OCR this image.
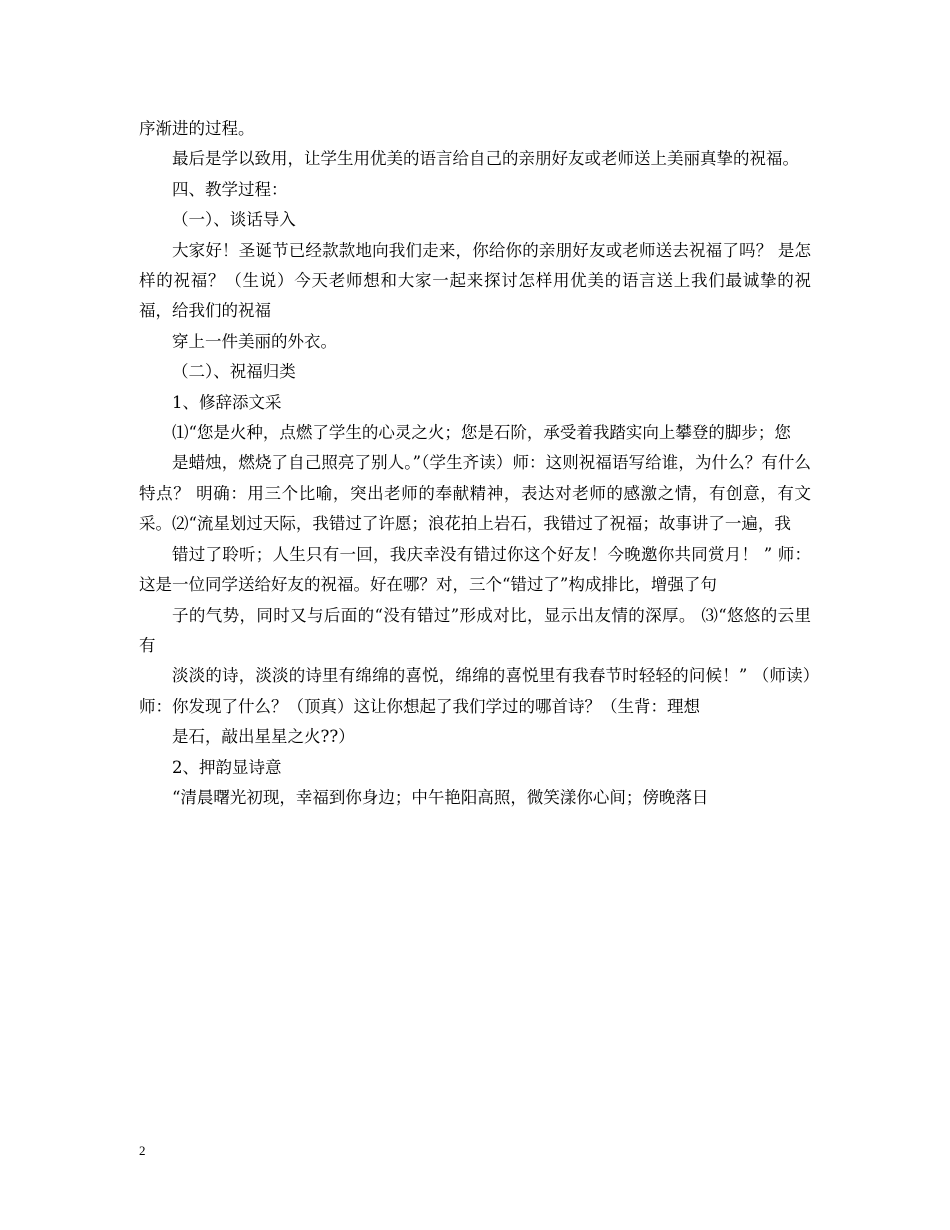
序渐进的过程。

最后是学以致用，让学生用优美的语言给自己的亲朋好友或老师送上美丽真挚的祝福。

四、教学过程：

（一）、谈话导入

大家好！圣诞节已经款款地向我们走来，你给你的亲朋好友或老师送去祝福了吗？ 是怎样的祝福？（生说）今天老师想和大家一起来探讨怎样用优美的语言送上我们最诚挚的祝福，给我们的祝福

穿上一件美丽的外衣。

（二）、祝福归类

1、修辞添文采

⑴“您是火种，点燃了学生的心灵之火；您是石阶，承受着我踏实向上攀登的脚步；您

是蜡烛，燃烧了自己照亮了别人。”（学生齐读）师：这则祝福语写给谁，为什么？有什么特点？ 明确：用三个比喻，突出老师的奉献精神，表达对老师的感激之情，有创意，有文采。⑵“流星划过天际，我错过了许愿；浪花拍上岩石，我错过了祝福；故事讲了一遍，我

错过了聆听；人生只有一回，我庆幸没有错过你这个好友！今晚邀你共同赏月！ ” 师：这是一位同学送给好友的祝福。好在哪？对，三个“错过了”构成排比，增强了句

子的气势，同时又与后面的“没有错过”形成对比，显示出友情的深厚。 ⑶“悠悠的云里有

淡淡的诗，淡淡的诗里有绵绵的喜悦，绵绵的喜悦里有我春节时轻轻的问候！” （师读）师：你发现了什么？（顶真）这让你想起了我们学过的哪首诗？（生背：理想

是石，敲出星星之火??）

2、押韵显诗意

“清晨曙光初现，幸福到你身边；中午艳阳高照，微笑漾你心间；傍晚落日

2
